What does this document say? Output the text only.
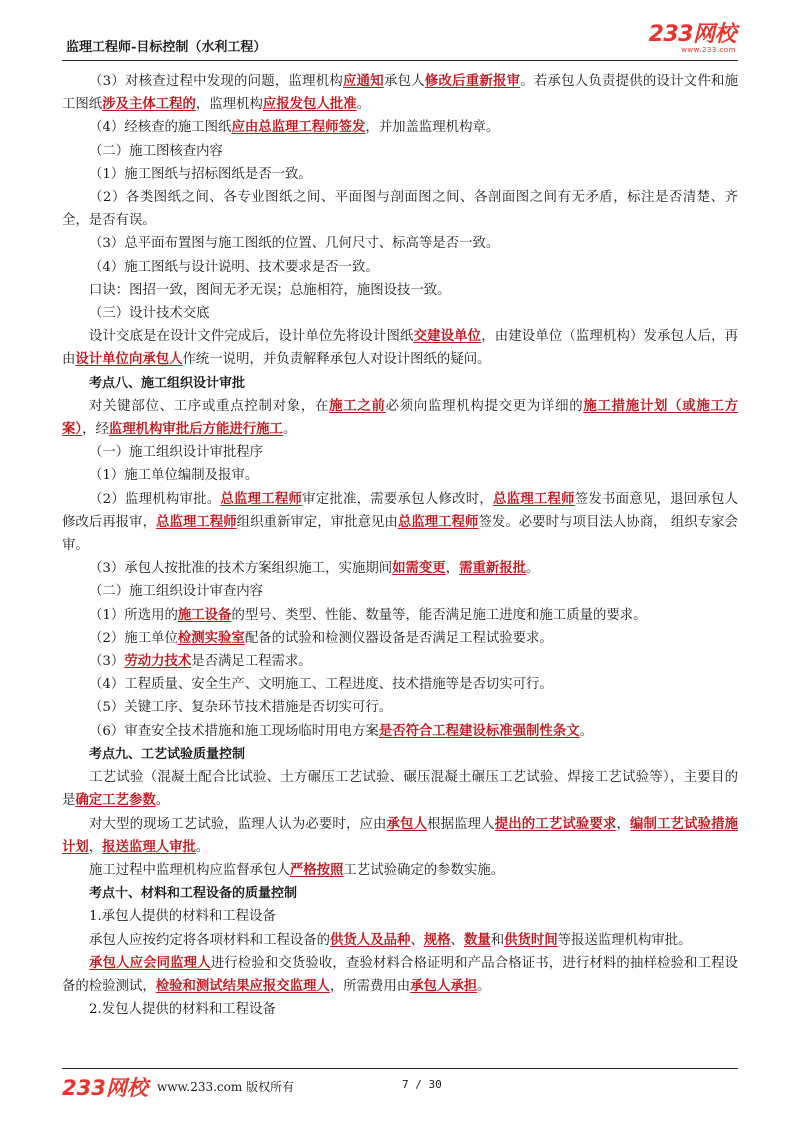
监理工程师-目标控制（水利工程）
233网校
www.233.com

（3）对核查过程中发现的问题，监理机构应通知承包人修改后重新报审。若承包人负责提供的设计文件和施工图纸涉及主体工程的，监理机构应报发包人批准。

（4）经核查的施工图纸应由总监理工程师签发，并加盖监理机构章。

（二）施工图核查内容

（1）施工图纸与招标图纸是否一致。

（2）各类图纸之间、各专业图纸之间、平面图与剖面图之间、各剖面图之间有无矛盾，标注是否清楚、齐全，是否有误。

（3）总平面布置图与施工图纸的位置、几何尺寸、标高等是否一致。

（4）施工图纸与设计说明、技术要求是否一致。

口诀：图招一致，图间无矛无误；总施相符，施图设技一致。

（三）设计技术交底

设计交底是在设计文件完成后，设计单位先将设计图纸交建设单位，由建设单位（监理机构）发承包人后，再由设计单位向承包人作统一说明，并负责解释承包人对设计图纸的疑问。

考点八、施工组织设计审批

对关键部位、工序或重点控制对象，在施工之前必须向监理机构提交更为详细的施工措施计划（或施工方案），经监理机构审批后方能进行施工。

（一）施工组织设计审批程序

（1）施工单位编制及报审。

（2）监理机构审批。总监理工程师审定批准，需要承包人修改时，总监理工程师签发书面意见，退回承包人修改后再报审，总监理工程师组织重新审定，审批意见由总监理工程师签发。必要时与项目法人协商， 组织专家会审。

（3）承包人按批准的技术方案组织施工，实施期间如需变更，需重新报批。

（二）施工组织设计审查内容

（1）所选用的施工设备的型号、类型、性能、数量等，能否满足施工进度和施工质量的要求。

（2）施工单位检测实验室配备的试验和检测仪器设备是否满足工程试验要求。

（3）劳动力技术是否满足工程需求。

（4）工程质量、安全生产、文明施工、工程进度、技术措施等是否切实可行。

（5）关键工序、复杂环节技术措施是否切实可行。

（6）审查安全技术措施和施工现场临时用电方案是否符合工程建设标准强制性条文。

考点九、工艺试验质量控制

工艺试验（混凝土配合比试验、土方碾压工艺试验、碾压混凝土碾压工艺试验、焊接工艺试验等），主要目的是确定工艺参数。

对大型的现场工艺试验，监理人认为必要时，应由承包人根据监理人提出的工艺试验要求，编制工艺试验措施计划，报送监理人审批。

施工过程中监理机构应监督承包人严格按照工艺试验确定的参数实施。

考点十、材料和工程设备的质量控制

1.承包人提供的材料和工程设备

承包人应按约定将各项材料和工程设备的供货人及品种、规格、数量和供货时间等报送监理机构审批。

承包人应会同监理人进行检验和交货验收，查验材料合格证明和产品合格证书，进行材料的抽样检验和工程设备的检验测试，检验和测试结果应报交监理人，所需费用由承包人承担。

2.发包人提供的材料和工程设备

233网校 www.233.com 版权所有	7 / 30
